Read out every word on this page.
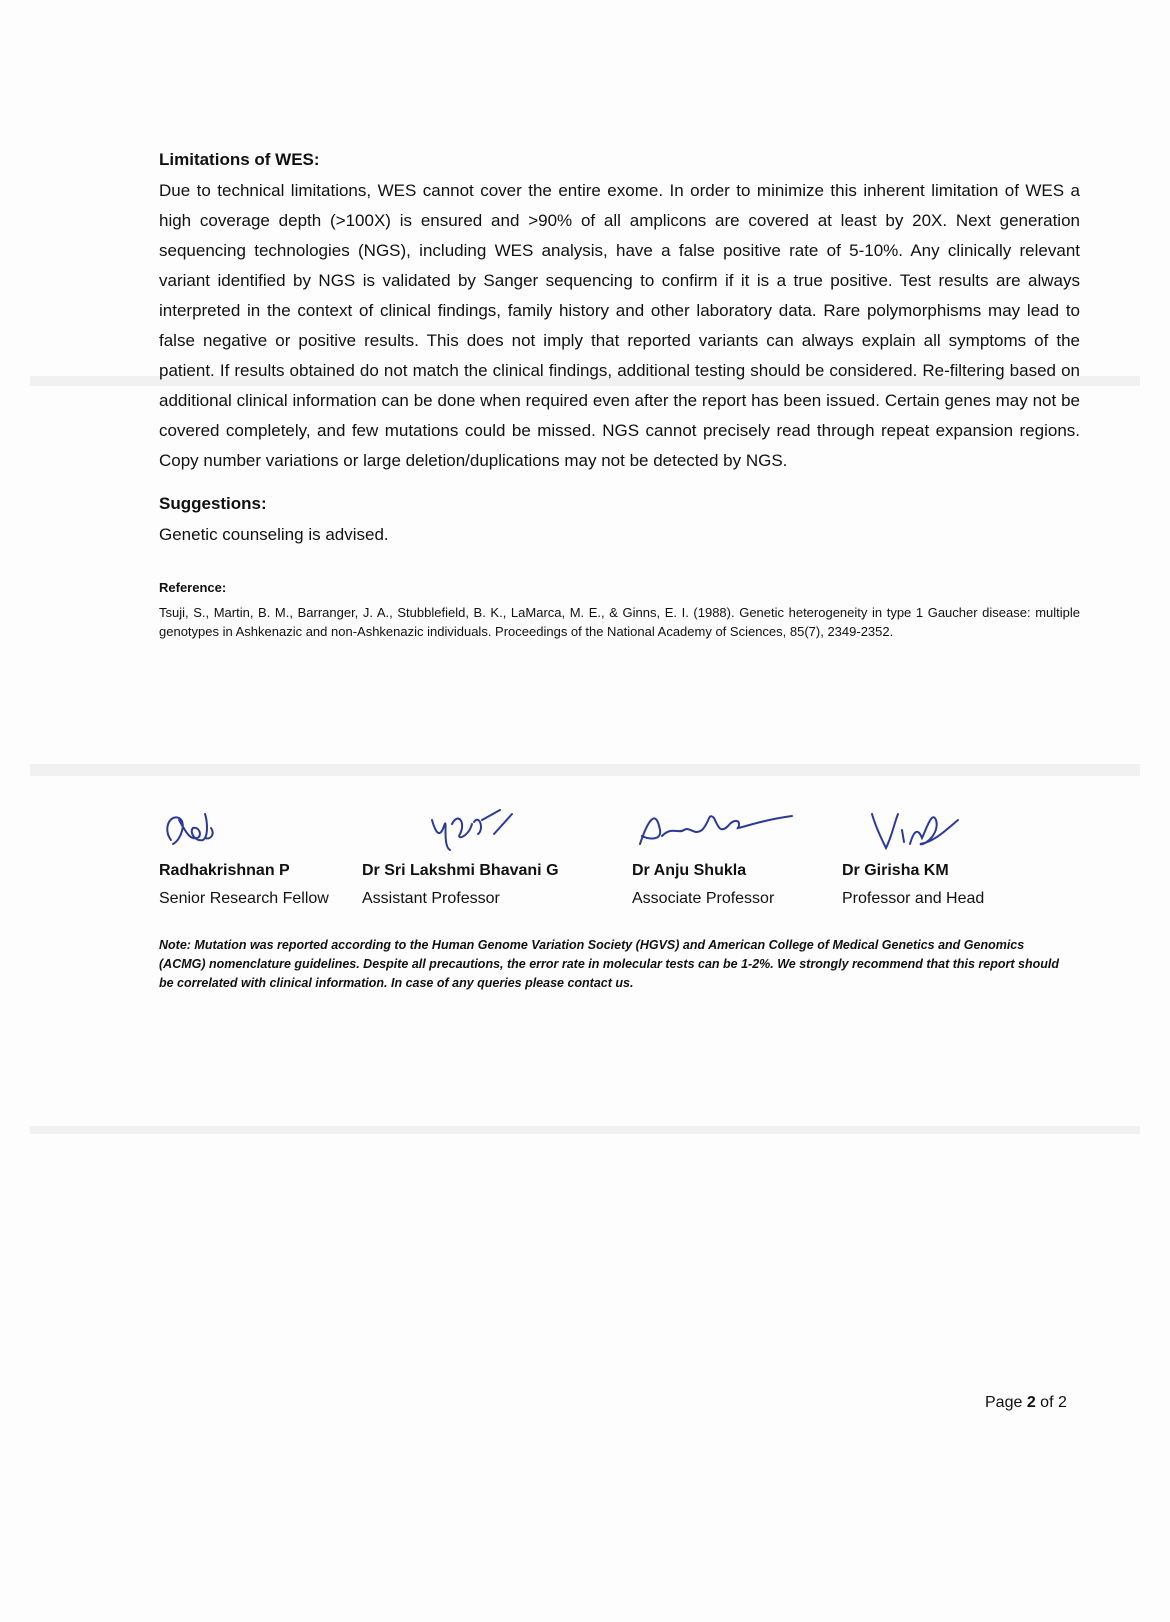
Limitations of WES:

Due to technical limitations, WES cannot cover the entire exome. In order to minimize this inherent limitation of WES a high coverage depth (>100X) is ensured and >90% of all amplicons are covered at least by 20X. Next generation sequencing technologies (NGS), including WES analysis, have a false positive rate of 5-10%. Any clinically relevant variant identified by NGS is validated by Sanger sequencing to confirm if it is a true positive. Test results are always interpreted in the context of clinical findings, family history and other laboratory data. Rare polymorphisms may lead to false negative or positive results. This does not imply that reported variants can always explain all symptoms of the patient. If results obtained do not match the clinical findings, additional testing should be considered. Re-filtering based on additional clinical information can be done when required even after the report has been issued. Certain genes may not be covered completely, and few mutations could be missed. NGS cannot precisely read through repeat expansion regions. Copy number variations or large deletion/duplications may not be detected by NGS.

Suggestions:

Genetic counseling is advised.

Reference:

Tsuji, S., Martin, B. M., Barranger, J. A., Stubblefield, B. K., LaMarca, M. E., & Ginns, E. I. (1988). Genetic heterogeneity in type 1 Gaucher disease: multiple genotypes in Ashkenazic and non-Ashkenazic individuals. Proceedings of the National Academy of Sciences, 85(7), 2349-2352.

Radhakrishnan P
Senior Research Fellow
Dr Sri Lakshmi Bhavani G
Assistant Professor
Dr Anju Shukla
Associate Professor
Dr Girisha KM
Professor and Head

Note: Mutation was reported according to the Human Genome Variation Society (HGVS) and American College of Medical Genetics and Genomics (ACMG) nomenclature guidelines. Despite all precautions, the error rate in molecular tests can be 1-2%. We strongly recommend that this report should be correlated with clinical information. In case of any queries please contact us.

Page 2 of 2
